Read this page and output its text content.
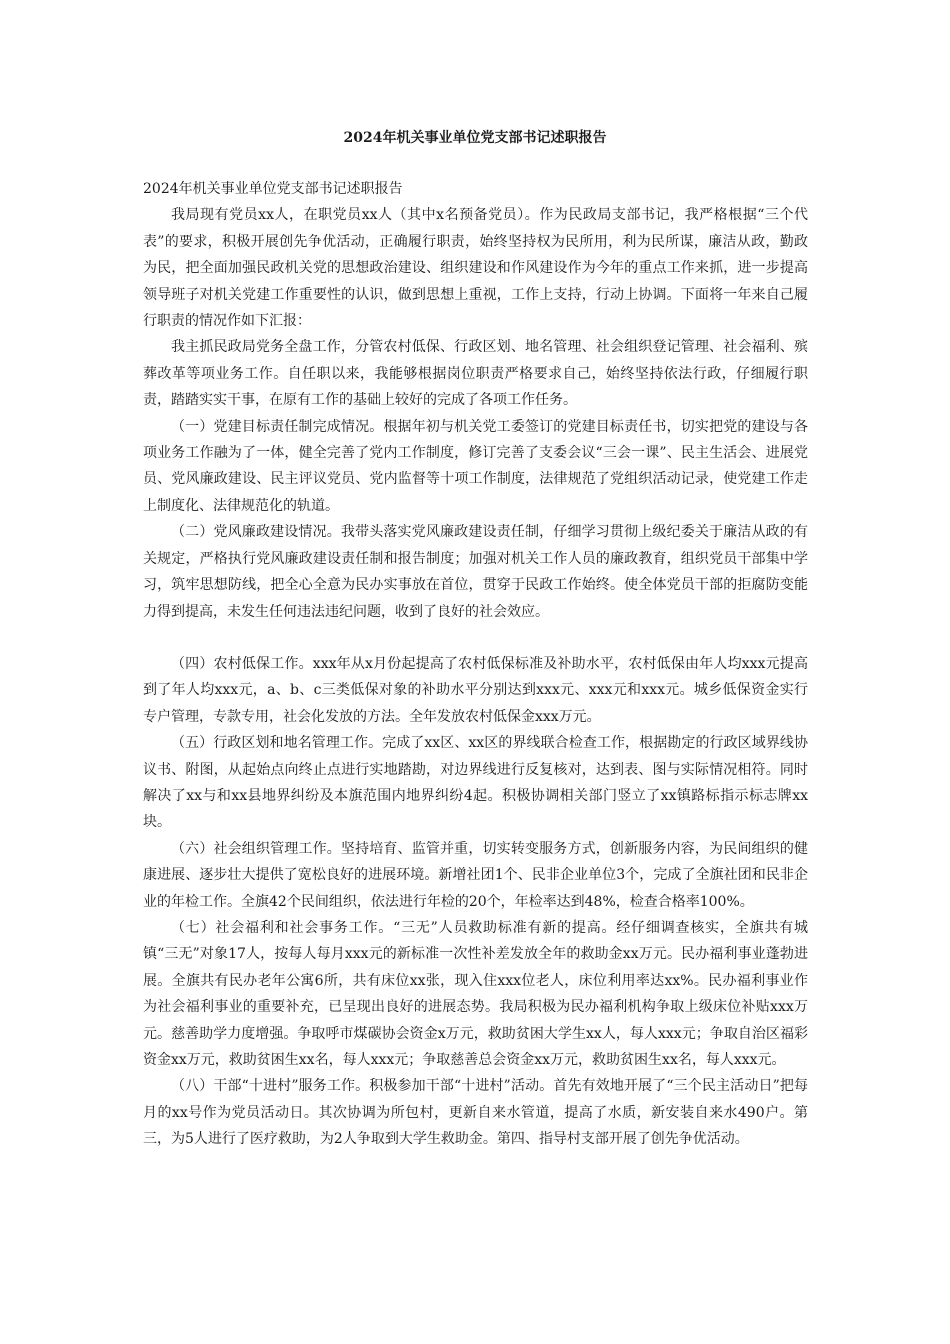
2024年机关事业单位党支部书记述职报告

2024年机关事业单位党支部书记述职报告

我局现有党员xx人，在职党员xx人（其中x名预备党员）。作为民政局支部书记，我严格根据“三个代表”的要求，积极开展创先争优活动，正确履行职责，始终坚持权为民所用，利为民所谋，廉洁从政，勤政为民，把全面加强民政机关党的思想政治建设、组织建设和作风建设作为今年的重点工作来抓，进一步提高领导班子对机关党建工作重要性的认识，做到思想上重视，工作上支持，行动上协调。下面将一年来自己履行职责的情况作如下汇报：

我主抓民政局党务全盘工作，分管农村低保、行政区划、地名管理、社会组织登记管理、社会福利、殡葬改革等项业务工作。自任职以来，我能够根据岗位职责严格要求自己，始终坚持依法行政，仔细履行职责，踏踏实实干事，在原有工作的基础上较好的完成了各项工作任务。

（一）党建目标责任制完成情况。根据年初与机关党工委签订的党建目标责任书，切实把党的建设与各项业务工作融为了一体，健全完善了党内工作制度，修订完善了支委会议“三会一课”、民主生活会、进展党员、党风廉政建设、民主评议党员、党内监督等十项工作制度，法律规范了党组织活动记录，使党建工作走上制度化、法律规范化的轨道。

（二）党风廉政建设情况。我带头落实党风廉政建设责任制，仔细学习贯彻上级纪委关于廉洁从政的有关规定，严格执行党风廉政建设责任制和报告制度；加强对机关工作人员的廉政教育，组织党员干部集中学习，筑牢思想防线，把全心全意为民办实事放在首位，贯穿于民政工作始终。使全体党员干部的拒腐防变能力得到提高，未发生任何违法违纪问题，收到了良好的社会效应。

（四）农村低保工作。xxx年从x月份起提高了农村低保标准及补助水平，农村低保由年人均xxx元提高到了年人均xxx元，a、b、c三类低保对象的补助水平分别达到xxx元、xxx元和xxx元。城乡低保资金实行专户管理，专款专用，社会化发放的方法。全年发放农村低保金xxx万元。

（五）行政区划和地名管理工作。完成了xx区、xx区的界线联合检查工作，根据勘定的行政区域界线协议书、附图，从起始点向终止点进行实地踏勘，对边界线进行反复核对，达到表、图与实际情况相符。同时解决了xx与和xx县地界纠纷及本旗范围内地界纠纷4起。积极协调相关部门竖立了xx镇路标指示标志牌xx块。

（六）社会组织管理工作。坚持培育、监管并重，切实转变服务方式，创新服务内容，为民间组织的健康进展、逐步壮大提供了宽松良好的进展环境。新增社团1个、民非企业单位3个，完成了全旗社团和民非企业的年检工作。全旗42个民间组织，依法进行年检的20个，年检率达到48%，检查合格率100%。

（七）社会福利和社会事务工作。“三无”人员救助标准有新的提高。经仔细调查核实，全旗共有城镇“三无”对象17人，按每人每月xxx元的新标准一次性补差发放全年的救助金xx万元。民办福利事业蓬勃进展。全旗共有民办老年公寓6所，共有床位xx张，现入住xxx位老人，床位利用率达xx%。民办福利事业作为社会福利事业的重要补充，已呈现出良好的进展态势。我局积极为民办福利机构争取上级床位补贴xxx万元。慈善助学力度增强。争取呼市煤碳协会资金x万元，救助贫困大学生xx人，每人xxx元；争取自治区福彩资金xx万元，救助贫困生xx名，每人xxx元；争取慈善总会资金xx万元，救助贫困生xx名，每人xxx元。

（八）干部“十进村”服务工作。积极参加干部“十进村”活动。首先有效地开展了“三个民主活动日”把每月的xx号作为党员活动日。其次协调为所包村，更新自来水管道，提高了水质，新安装自来水490户。第三，为5人进行了医疗救助，为2人争取到大学生救助金。第四、指导村支部开展了创先争优活动。
